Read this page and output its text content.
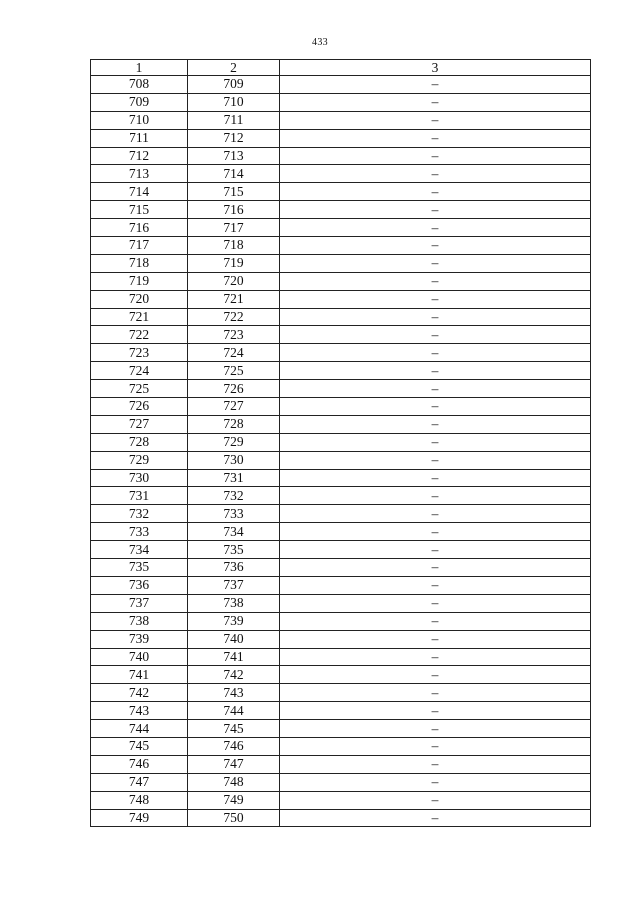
433
1	2	3
708	709	–
709	710	–
710	711	–
711	712	–
712	713	–
713	714	–
714	715	–
715	716	–
716	717	–
717	718	–
718	719	–
719	720	–
720	721	–
721	722	–
722	723	–
723	724	–
724	725	–
725	726	–
726	727	–
727	728	–
728	729	–
729	730	–
730	731	–
731	732	–
732	733	–
733	734	–
734	735	–
735	736	–
736	737	–
737	738	–
738	739	–
739	740	–
740	741	–
741	742	–
742	743	–
743	744	–
744	745	–
745	746	–
746	747	–
747	748	–
748	749	–
749	750	–
